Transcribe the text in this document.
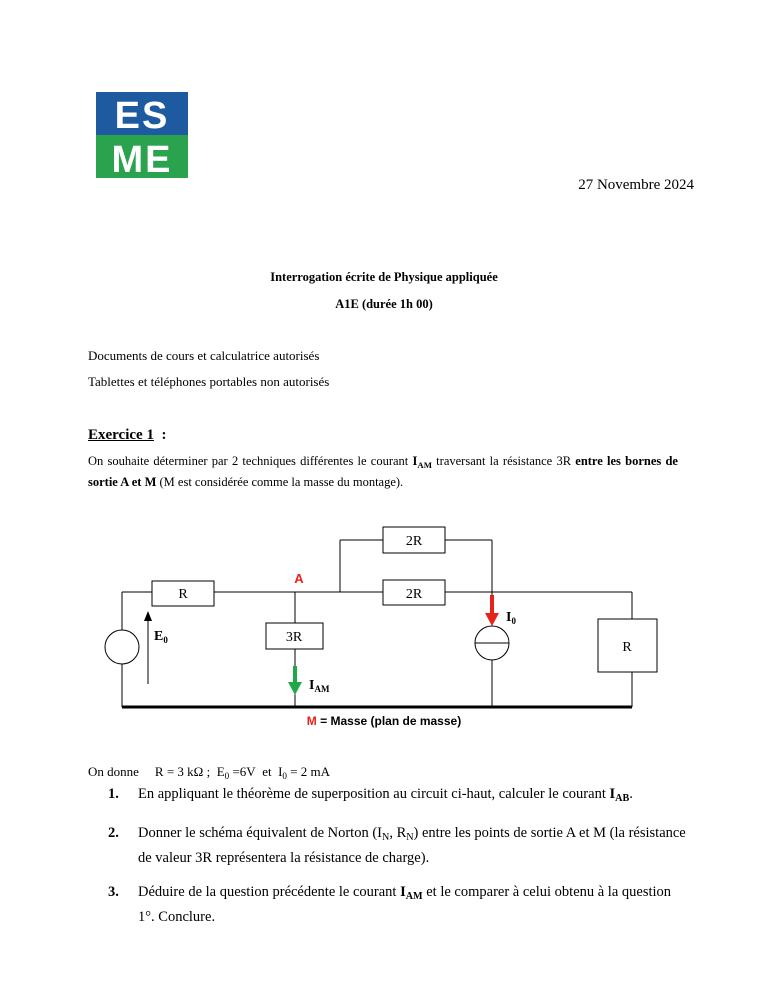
ES
ME
27 Novembre 2024
Interrogation écrite de Physique appliquée
A1E (durée 1h 00)
Documents de cours et calculatrice autorisés
Tablettes et téléphones portables non autorisés
Exercice 1 :
On souhaite déterminer par 2 techniques différentes le courant $I_{AM}$ traversant la résistance 3R entre les bornes de sortie A et M (M est considérée comme la masse du montage).
2R
2R
R
3R
R
A
$E_0$
$I_0$
$I_{AM}$
M = Masse (plan de masse)
On donne R = 3 kΩ ; $E_0 =6V$ et $I_0 = 2$ mA
1. En appliquant le théorème de superposition au circuit ci-haut, calculer le courant $I_{AB}$.
2. Donner le schéma équivalent de Norton ($I_N$, $R_N$) entre les points de sortie A et M (la résistance de valeur 3R représentera la résistance de charge).
3. Déduire de la question précédente le courant $I_{AM}$ et le comparer à celui obtenu à la question 1°. Conclure.
